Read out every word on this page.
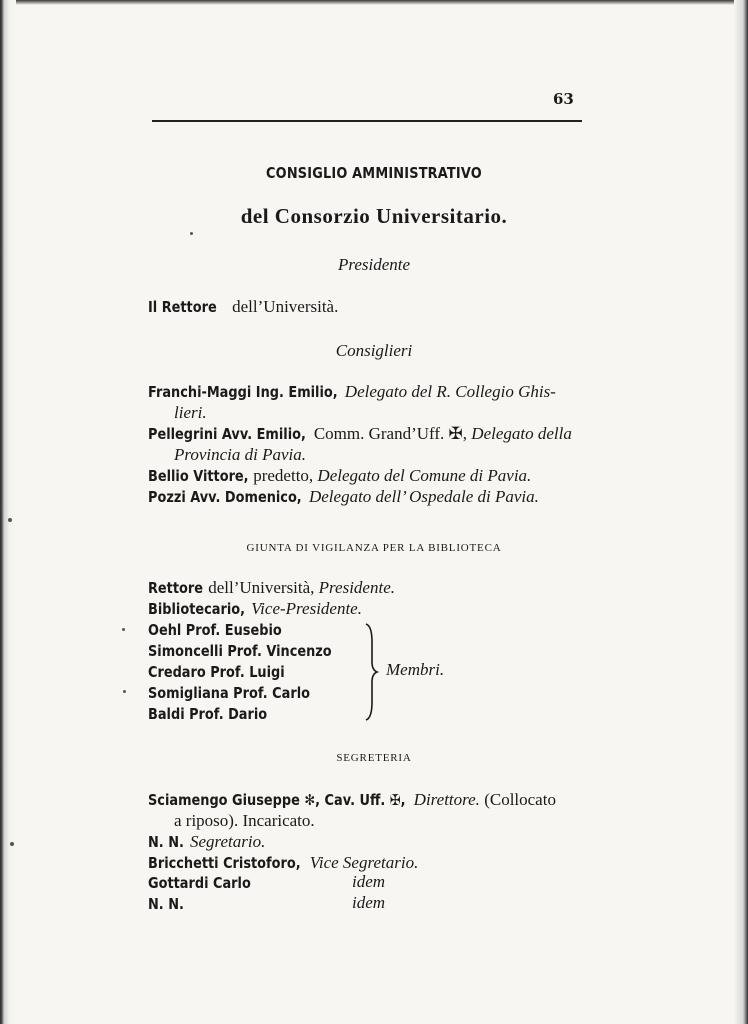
63
CONSIGLIO AMMINISTRATIVO
del Consorzio Universitario.
Presidente
Il Rettore dell’Università.
Consiglieri
Franchi-Maggi Ing. Emilio, Delegato del R. Collegio Ghis-
lieri.
Pellegrini Avv. Emilio, Comm. Grand’Uff. ✠, Delegato della
Provincia di Pavia.
Bellio Vittore, predetto, Delegato del Comune di Pavia.
Pozzi Avv. Domenico, Delegato dell’ Ospedale di Pavia.
GIUNTA DI VIGILANZA PER LA BIBLIOTECA
Rettore dell’Università, Presidente.
Bibliotecario, Vice-Presidente.
Oehl Prof. Eusebio
Simoncelli Prof. Vincenzo
Credaro Prof. Luigi
Somigliana Prof. Carlo
Baldi Prof. Dario
Membri.
SEGRETERIA
Sciamengo Giuseppe ✻, Cav. Uff. ✠, Direttore. (Collocato
a riposo). Incaricato.
N. N. Segretario.
Bricchetti Cristoforo, Vice Segretario.
Gottardi Carlo	idem
N. N.	idem
